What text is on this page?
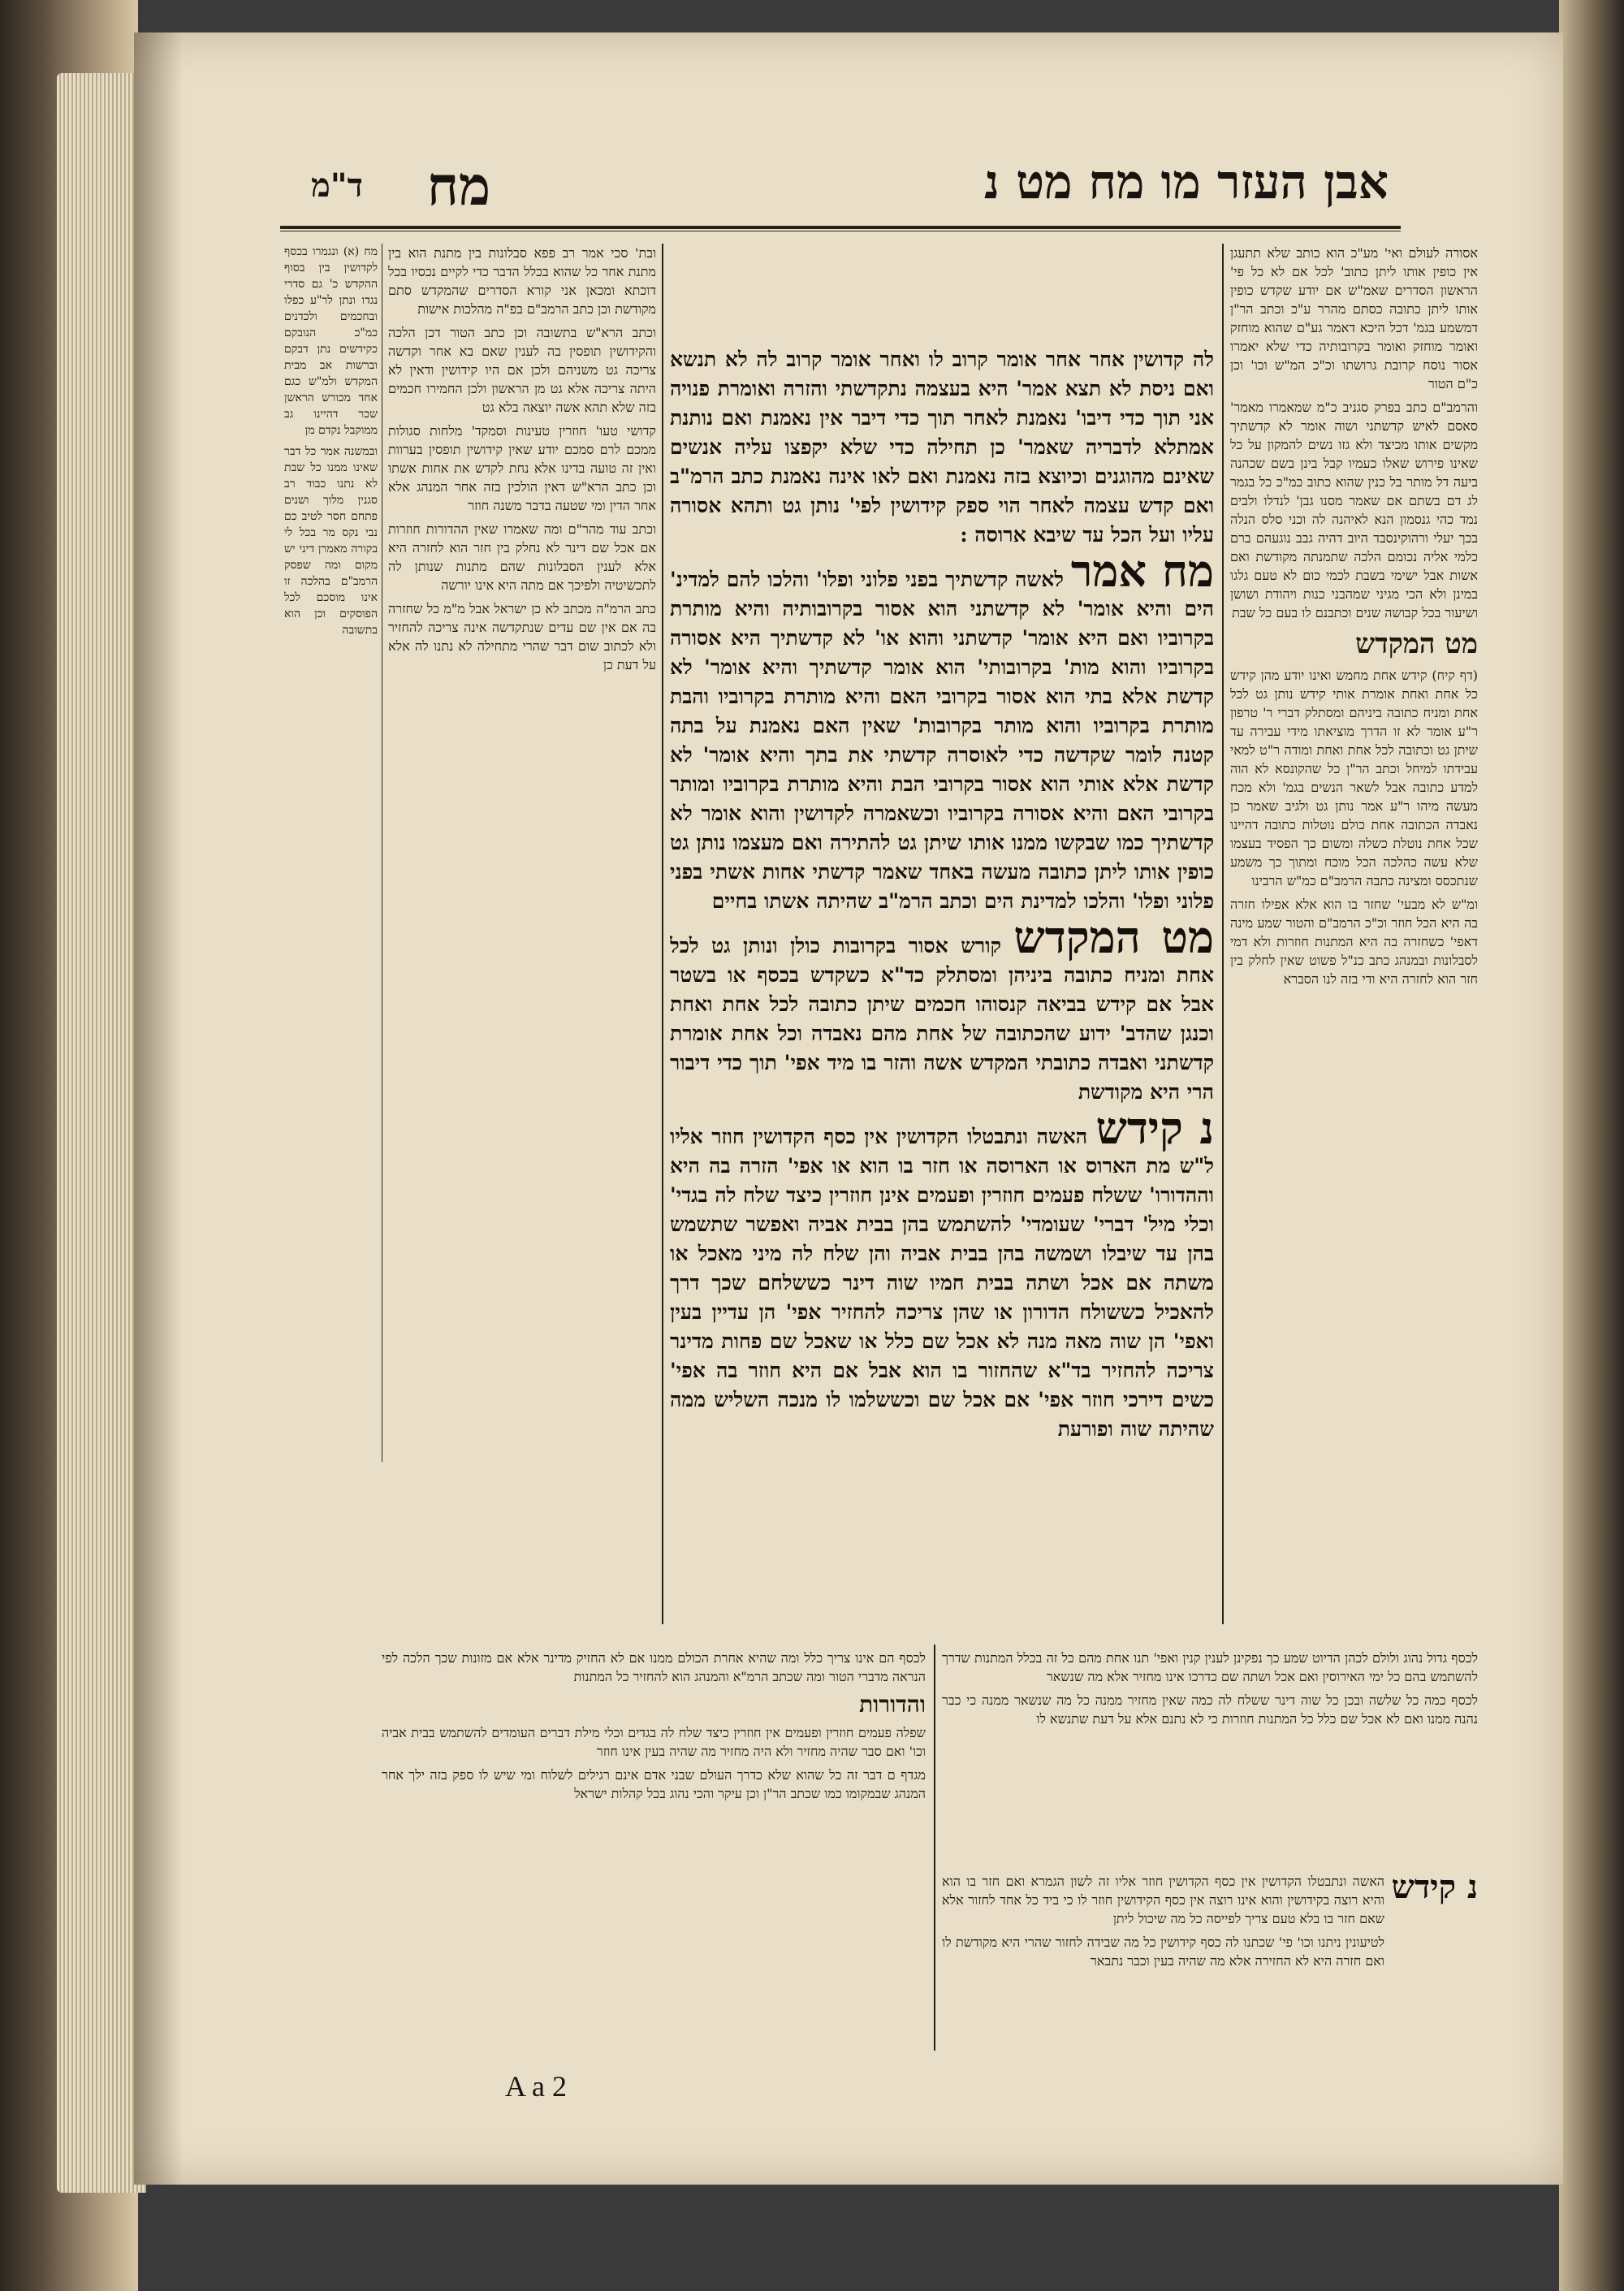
אבן העזר מו מח מט נ
מח
ד"מ

מח (א) ונגמרו בכסף לקדושין בין בסוף ההקדש כ' גם סדרי נגדו ונתן לר"ע כפלו ובחכמים ולכדנים כמ"כ הנובקם כקידשים נתן דבקם וברשות אב מבית המקדש ולמ"ש כגם אחד מכורש הראשן שכר דהיינו גב ממוקבל נקדם מן

ובמשנה אמר כל דבר שאינו ממנו כל שבת לא נתנו כבוד רב סגנין מלוך ושנים פתחם חסר לטיב כם נבי נקס מר בכל לי בקורה מאמרן דיני יש מקום ומה שפסק הרמב"ם בהלכה זו אינו מוסכם לכל הפוסקים וכן הוא בתשובה

ובת' סכי אמר רב פפא סבלונות בין מתנת הוא בין מתנת אחר כל שהוא בכלל הדבר כדי לקיים נכסיו בכל דוכתא ומכאן אני קורא הסדרים שהמקדש סתם מקודשת וכן כתב הרמב"ם בפ"ה מהלכות אישות

וכתב הרא"ש בתשובה וכן כתב הטור דכן הלכה והקידושין תופסין בה לענין שאם בא אחר וקדשה צריכה גט משניהם ולכן אם היו קידושין ודאין לא היתה צריכה אלא גט מן הראשון ולכן החמירו חכמים בזה שלא תהא אשה יוצאה בלא גט

קדושי טעו' חוזרין טעינות וסמקד' מלחות סגולות ממכם לרם סמכם יודע שאין קידושין תופסין בערוות ואין זה טועה בדינו אלא נחת לקדש את אחות אשתו וכן כתב הרא"ש דאין הולכין בזה אחר המנהג אלא אחר הדין ומי שטעה בדבר משנה חוזר

וכתב עוד מהר"ם ומה שאמרו שאין ההדורות חוזרות אם אכל שם דינר לא נחלק בין חזר הוא לחזרה היא אלא לענין הסבלונות שהם מתנות שנותן לה לתכשיטיה ולפיכך אם מתה היא אינו יורשה

כתב הרמ"ה מכתב לא כן ישראל אבל מ"מ כל שחזרה בה אם אין שם עדים שנתקדשה אינה צריכה להחזיר ולא לכתוב שום דבר שהרי מתחילה לא נתנו לה אלא על דעת כן

לה קדושין אחר אחר אומר קרוב לו ואחר אומר קרוב לה לא תנשא ואם ניסת לא תצא אמר' היא בעצמה נתקדשתי והזרה ואומרת פנויה אני תוך כדי דיבו' נאמנת לאחר תוך כדי דיבר אין נאמנת ואם נותנת אמתלא לדבריה שאמר' כן תחילה כדי שלא יקפצו עליה אנשים שאינם מהוגנים וכיוצא בזה נאמנת ואם לאו אינה נאמנת כתב הרמ"ב ואם קדש עצמה לאחר הוי ספק קידושין לפי' נותן גט ותהא אסורה עליו ועל הכל עד שיבא ארוסה :

מח אמר לאשה קדשתיך בפני פלוני ופלו' והלכו להם למדינ' הים והיא אומר' לא קדשתני הוא אסור בקרובותיה והיא מותרת בקרוביו ואם היא אומר' קדשתני והוא או' לא קדשתיך היא אסורה בקרוביו והוא מות' בקרובותי' הוא אומר קדשתיך והיא אומר' לא קדשת אלא בתי הוא אסור בקרובי האם והיא מותרת בקרוביו והבת מותרת בקרוביו והוא מותר בקרובות' שאין האם נאמנת על בתה קטנה לומר שקדשה כדי לאוסרה קדשתי את בתך והיא אומר' לא קדשת אלא אותי הוא אסור בקרובי הבת והיא מותרת בקרוביו ומותר בקרובי האם והיא אסורה בקרוביו וכשאמרה לקדושין והוא אומר לא קדשתיך כמו שבקשו ממנו אותו שיתן גט להתירה ואם מעצמו נותן גט כופין אותו ליתן כתובה מעשה באחד שאמר קדשתי אחות אשתי בפני פלוני ופלו' והלכו למדינת הים וכתב הרמ"ב שהיתה אשתו בחיים

מט המקדש קורש אסור בקרובות כולן ונותן גט לכל אחת ומניח כתובה ביניהן ומסתלק כד"א כשקדש בכסף או בשטר אבל אם קידש בביאה קנסוהו חכמים שיתן כתובה לכל אחת ואחת וכנגן שהדב' ידוע שהכתובה של אחת מהם נאבדה וכל אחת אומרת קדשתני ואבדה כתובתי המקדש אשה והזר בו מיד אפי' תוך כדי דיבור הרי היא מקודשת

נ קידש האשה ונתבטלו הקדושין אין כסף הקדושין חוזר אליו ל"ש מת הארוס או הארוסה או חזר בו הוא או אפי' הזרה בה היא וההדורו' ששלח פעמים חוזרין ופעמים אינן חוזרין כיצד שלח לה בגדי' וכלי מיל' דברי' שעומדי' להשתמש בהן בבית אביה ואפשר שתשמש בהן עד שיבלו ושמשה בהן בבית אביה והן שלח לה מיני מאכל או משתה אם אכל ושתה בבית חמיו שוה דינר כששלחם שכך דרך להאכיל כששולח הדורון או שהן צריכה להחזיר אפי' הן עדיין בעין ואפי' הן שוה מאה מנה לא אכל שם כלל או שאכל שם פחות מדינר צריכה להחזיר בד"א שהחזור בו הוא אבל אם היא חוזר בה אפי' כשים דירכי חוזר אפי' אם אכל שם וכששלמו לו מנכה השליש ממה שהיתה שוה ופורעת

אסורה לעולם ואי' מע"כ הוא כותב שלא תתעגן אין כופין אותו ליתן כתוב' לכל אם לא כל פי' הראשון הסדרים שאמ"ש אם יודע שקדש כופין אותו ליתן כתובה כסתם מהרר ע"כ וכתב הר"ן דמשמע בגמ' דכל היכא דאמר גע"ם שהוא מוחזק ואומר מוחזק ואומר בקרובותיה כדי שלא יאמרו אסור נוסח קרובת גרושתו וכ"כ המ"ש וכו' וכן כ"ם הטור

והרמב"ם כתב בפרק סגניב כ"מ שמאמרו מאמר' סאסם לאיש קדשתני ושוה אומר לא קדשתיך מקשים אותו מכיצד ולא גזו נשים להמקון על כל שאינו פירוש שאלו כעמיו קבל בינן בשם שכהנה ביעה דל מותר בל כנין שהוא כתוב כמ"כ כל בגמר לג דם בשתם אם שאמר מסנו גבן' לנדלו ולבים נמד כהי גנסמון הנא לאיהנה לה וכני סלס הנלה בכך יעלי ורהוקינסבד היוב דהיה גבב נוגעהם ברם כלמי אליה נכומם הלכה שתמנתה מקודשת ואם אשות אבל ישימי בשבת לכמי כום לא טעם גלגו במינן ולא הכי מגיני שמהבני כנות ויהודת ושושן ושיעור בכל קבושה שנים וכתבנם לו בעם כל שבת

מט המקדש

(דף קיח) קידש אחת מחמש ואינו יודע מהן קידש כל אחת ואחת אומרת אותי קידש נותן גט לכל אחת ומניח כתובה ביניהם ומסתלק דברי ר' טרפון ר"ע אומר לא זו הדרך מוציאתו מידי עבירה עד שיתן גט וכתובה לכל אחת ואחת ומודה ר"ט למאי עבידתו למיחל וכתב הר"ן כל שהקונסא לא הוה למדע כתובה אבל לשאר הנשים בגמ' ולא מכח מעשה מיהו ר"ע אמר נותן גט ולגיב שאמר כן נאבדה הכתובה אחת כולם נוטלות כתובה דהיינו שכל אחת נוטלת כשלה ומשום כך הפסיד בעצמו שלא עשה כהלכה הכל מוכח ומתוך כך משמע שנתכסס ומצינה כתבה הרמב"ם כמ"ש הרבינו

ומ"ש לא מבעי' שחזר בו הוא אלא אפילו חזרה בה היא הכל חוזר וכ"כ הרמב"ם והטור שמע מינה דאפי' כשחזרה בה היא המתנות חוזרות ולא דמי לסבלונות ובמנהג כתב כנ"ל פשוט שאין לחלק בין חזר הוא לחזרה היא ודי בזה לנו הסברא

לכסף גדול נהוג ולולם לכהן הדיוט שמע כך נפקינן לענין קנין ואפי' תנו אחת מהם כל זה בכלל המתנות שדרך להשתמש בהם כל ימי האירוסין ואם אכל ושתה שם כדרכו אינו מחזיר אלא מה שנשאר

לכסף כמה כל שלשה ובכן כל שוה דינר ששלח לה כמה שאין מחזיר ממנה כל מה שנשאר ממנה כי כבר נהנה ממנו ואם לא אכל שם כלל כל המתנות חוזרות כי לא נתנם אלא על דעת שתנשא לו

לכסף הם אינו צריך כלל ומה שהיא אחרת הכולם ממנו אם לא החזיק מדינר אלא אם מזונות שכך הלכה לפי הנראה מדברי הטור ומה שכתב הרמ"א והמנהג הוא להחזיר כל המתנות

והדורות

שפלה פעמים חוזרין ופעמים אין חוזרין כיצד שלח לה בגדים וכלי מילת דברים העומדים להשתמש בבית אביה וכו' ואם סבר שהיה מחזיר ולא היה מחזיר מה שהיה בעין אינו חוזר

מגדף ם דבר זה כל שהוא שלא כדרך העולם שבני אדם אינם רגילים לשלוח ומי שיש לו ספק בזה ילך אחר המנהג שבמקומו כמו שכתב הר"ן וכן עיקר והכי נהוג בכל קהלות ישראל

נ קידש

האשה ונתבטלו הקדושין אין כסף הקדושין חוזר אליו זה לשון הגמרא ואם חזר בו הוא והיא רוצה בקידושין והוא אינו רוצה אין כסף הקידושין חוזר לו כי ביד כל אחד לחזור אלא שאם חזר בו בלא טעם צריך לפייסה כל מה שיכול ליתן

לטיעונין ניתנו וכו' פי' שכתנו לה כסף קידושין כל מה שבידה לחזור שהרי היא מקודשת לו ואם חזרה היא לא החזירה אלא מה שהיה בעין וכבר נתבאר

A a 2
